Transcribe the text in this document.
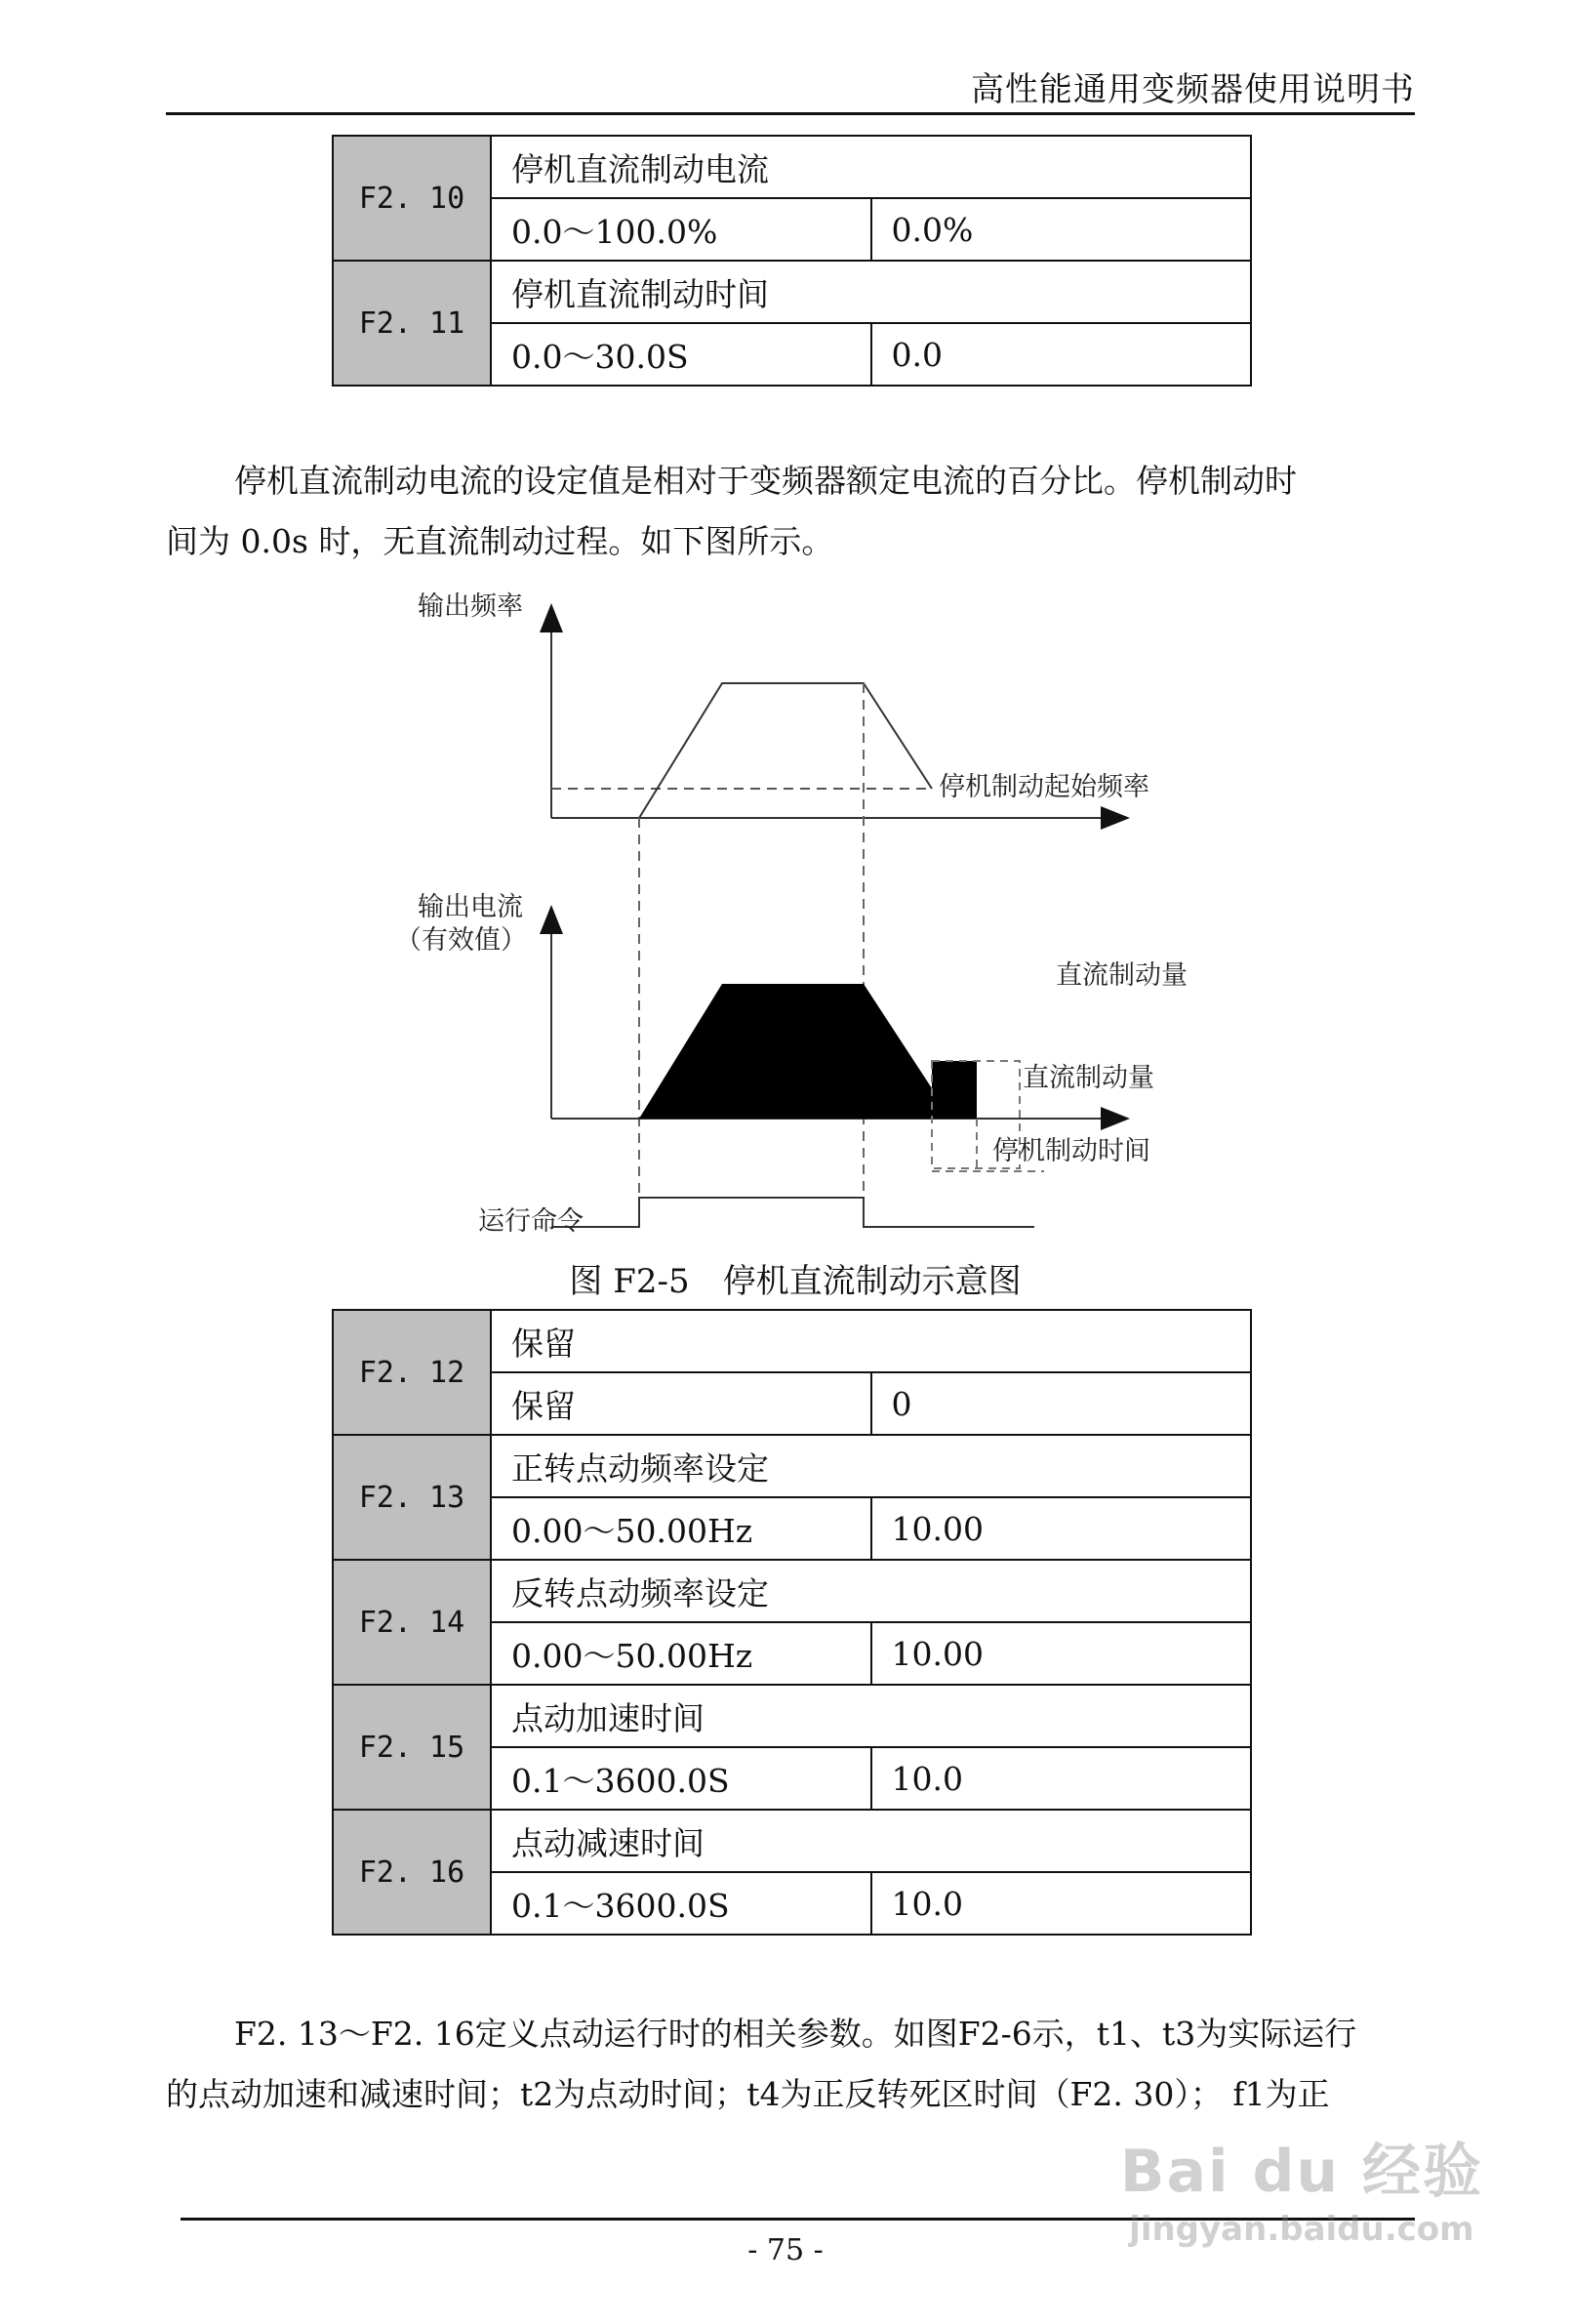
高性能通用变频器使用说明书
F2. 10	停机直流制动电流	
	0.0～100.0%	0.0%
F2. 11	停机直流制动时间	
	0.0～30.0S	0.0
停机直流制动电流的设定值是相对于变频器额定电流的百分比。停机制动时
间为 0.0s 时，无直流制动过程。如下图所示。
输出频率
停机制动起始频率
输出电流
（有效值）
直流制动量
直流制动量
停机制动时间
运行命令
图 F2-5　停机直流制动示意图
F2. 12	保留	
	保留	0
F2. 13	正转点动频率设定	
	0.00～50.00Hz	10.00
F2. 14	反转点动频率设定	
	0.00～50.00Hz	10.00
F2. 15	点动加速时间	
	0.1～3600.0S	10.0
F2. 16	点动减速时间	
	0.1～3600.0S	10.0
F2. 13～F2. 16定义点动运行时的相关参数。如图F2-6示，t1、t3为实际运行
的点动加速和减速时间；t2为点动时间；t4为正反转死区时间（F2. 30）； f1为正
- 75 -
Bai du 经验
jingyan.baidu.com
